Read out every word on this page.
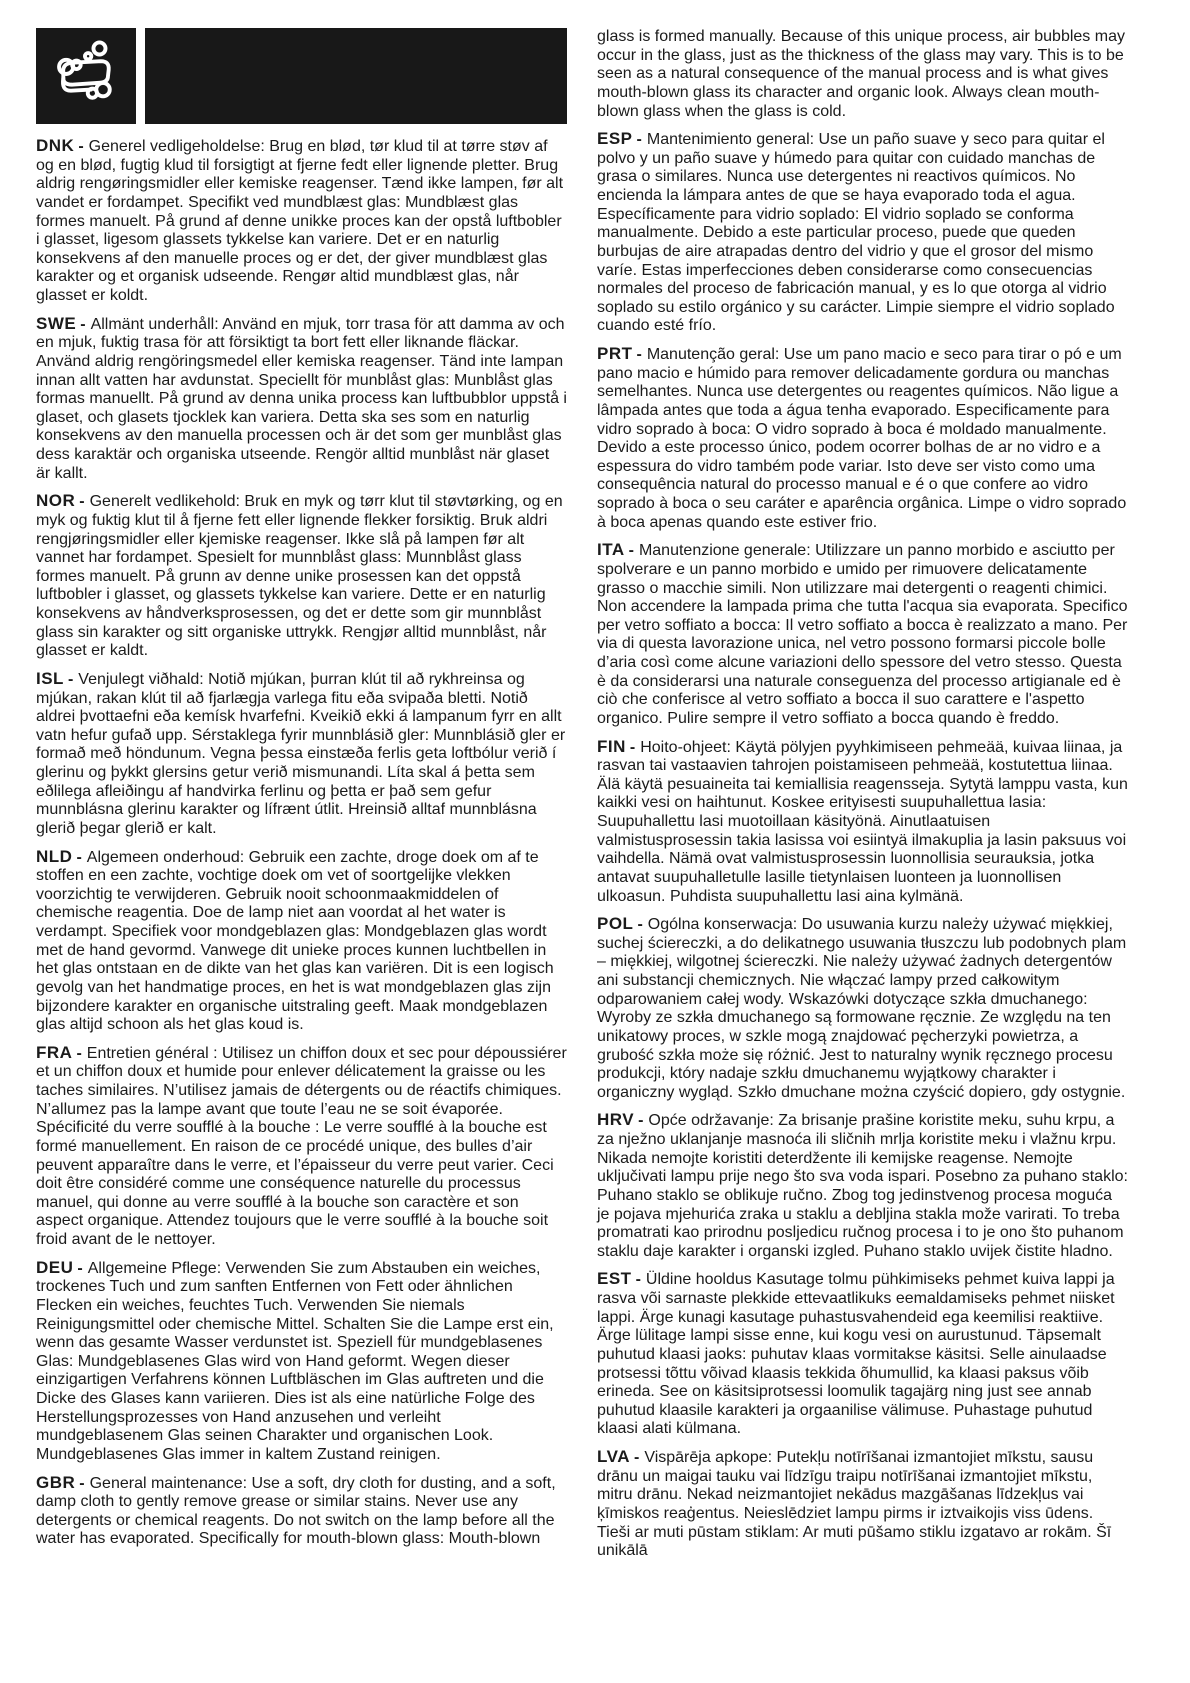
DNK - Generel vedligeholdelse: Brug en blød, tør klud til at tørre støv af og en blød, fugtig klud til forsigtigt at fjerne fedt eller lignende pletter. Brug aldrig rengøringsmidler eller kemiske reagenser. Tænd ikke lampen, før alt vandet er fordampet. Specifikt ved mundblæst glas: Mundblæst glas formes manuelt. På grund af denne unikke proces kan der opstå luftbobler i glasset, ligesom glassets tykkelse kan variere. Det er en naturlig konsekvens af den manuelle proces og er det, der giver mundblæst glas karakter og et organisk udseende. Rengør altid mundblæst glas, når glasset er koldt.

SWE - Allmänt underhåll: Använd en mjuk, torr trasa för att damma av och en mjuk, fuktig trasa för att försiktigt ta bort fett eller liknande fläckar. Använd aldrig rengöringsmedel eller kemiska reagenser. Tänd inte lampan innan allt vatten har avdunstat. Speciellt för munblåst glas: Munblåst glas formas manuellt. På grund av denna unika process kan luftbubblor uppstå i glaset, och glasets tjocklek kan variera. Detta ska ses som en naturlig konsekvens av den manuella processen och är det som ger munblåst glas dess karaktär och organiska utseende. Rengör alltid munblåst när glaset är kallt.

NOR - Generelt vedlikehold: Bruk en myk og tørr klut til støvtørking, og en myk og fuktig klut til å fjerne fett eller lignende flekker forsiktig. Bruk aldri rengjøringsmidler eller kjemiske reagenser. Ikke slå på lampen før alt vannet har fordampet. Spesielt for munnblåst glass: Munnblåst glass formes manuelt. På grunn av denne unike prosessen kan det oppstå luftbobler i glasset, og glassets tykkelse kan variere. Dette er en naturlig konsekvens av håndverksprosessen, og det er dette som gir munnblåst glass sin karakter og sitt organiske uttrykk. Rengjør alltid munnblåst, når glasset er kaldt.

ISL - Venjulegt viðhald: Notið mjúkan, þurran klút til að rykhreinsa og mjúkan, rakan klút til að fjarlægja varlega fitu eða svipaða bletti. Notið aldrei þvottaefni eða kemísk hvarfefni. Kveikið ekki á lampanum fyrr en allt vatn hefur gufað upp. Sérstaklega fyrir munnblásið gler: Munnblásið gler er formað með höndunum. Vegna þessa einstæða ferlis geta loftbólur verið í glerinu og þykkt glersins getur verið mismunandi. Líta skal á þetta sem eðlilega afleiðingu af handvirka ferlinu og þetta er það sem gefur munnblásna glerinu karakter og lífrænt útlit. Hreinsið alltaf munnblásna glerið þegar glerið er kalt.

NLD - Algemeen onderhoud: Gebruik een zachte, droge doek om af te stoffen en een zachte, vochtige doek om vet of soortgelijke vlekken voorzichtig te verwijderen. Gebruik nooit schoonmaakmiddelen of chemische reagentia. Doe de lamp niet aan voordat al het water is verdampt. Specifiek voor mondgeblazen glas: Mondgeblazen glas wordt met de hand gevormd. Vanwege dit unieke proces kunnen luchtbellen in het glas ontstaan en de dikte van het glas kan variëren. Dit is een logisch gevolg van het handmatige proces, en het is wat mondgeblazen glas zijn bijzondere karakter en organische uitstraling geeft. Maak mondgeblazen glas altijd schoon als het glas koud is.

FRA - Entretien général : Utilisez un chiffon doux et sec pour dépoussiérer et un chiffon doux et humide pour enlever délicatement la graisse ou les taches similaires. N’utilisez jamais de détergents ou de réactifs chimiques. N’allumez pas la lampe avant que toute l’eau ne se soit évaporée. Spécificité du verre soufflé à la bouche : Le verre soufflé à la bouche est formé manuellement. En raison de ce procédé unique, des bulles d’air peuvent apparaître dans le verre, et l’épaisseur du verre peut varier. Ceci doit être considéré comme une conséquence naturelle du processus manuel, qui donne au verre soufflé à la bouche son caractère et son aspect organique. Attendez toujours que le verre soufflé à la bouche soit froid avant de le nettoyer.

DEU - Allgemeine Pflege: Verwenden Sie zum Abstauben ein weiches, trockenes Tuch und zum sanften Entfernen von Fett oder ähnlichen Flecken ein weiches, feuchtes Tuch. Verwenden Sie niemals Reinigungsmittel oder chemische Mittel. Schalten Sie die Lampe erst ein, wenn das gesamte Wasser verdunstet ist. Speziell für mundgeblasenes Glas: Mundgeblasenes Glas wird von Hand geformt. Wegen dieser einzigartigen Verfahrens können Luftbläschen im Glas auftreten und die Dicke des Glases kann variieren. Dies ist als eine natürliche Folge des Herstellungsprozesses von Hand anzusehen und verleiht mundgeblasenem Glas seinen Charakter und organischen Look. Mundgeblasenes Glas immer in kaltem Zustand reinigen.

GBR - General maintenance: Use a soft, dry cloth for dusting, and a soft, damp cloth to gently remove grease or similar stains. Never use any detergents or chemical reagents. Do not switch on the lamp before all the water has evaporated. Specifically for mouth-blown glass: Mouth-blown

glass is formed manually. Because of this unique process, air bubbles may occur in the glass, just as the thickness of the glass may vary. This is to be seen as a natural consequence of the manual process and is what gives mouth-blown glass its character and organic look. Always clean mouth-blown glass when the glass is cold.

ESP - Mantenimiento general: Use un paño suave y seco para quitar el polvo y un paño suave y húmedo para quitar con cuidado manchas de grasa o similares. Nunca use detergentes ni reactivos químicos. No encienda la lámpara antes de que se haya evaporado toda el agua. Específicamente para vidrio soplado: El vidrio soplado se conforma manualmente. Debido a este particular proceso, puede que queden burbujas de aire atrapadas dentro del vidrio y que el grosor del mismo varíe. Estas imperfecciones deben considerarse como consecuencias normales del proceso de fabricación manual, y es lo que otorga al vidrio soplado su estilo orgánico y su carácter. Limpie siempre el vidrio soplado cuando esté frío.

PRT - Manutenção geral: Use um pano macio e seco para tirar o pó e um pano macio e húmido para remover delicadamente gordura ou manchas semelhantes. Nunca use detergentes ou reagentes químicos. Não ligue a lâmpada antes que toda a água tenha evaporado. Especificamente para vidro soprado à boca: O vidro soprado à boca é moldado manualmente. Devido a este processo único, podem ocorrer bolhas de ar no vidro e a espessura do vidro também pode variar. Isto deve ser visto como uma consequência natural do processo manual e é o que confere ao vidro soprado à boca o seu caráter e aparência orgânica. Limpe o vidro soprado à boca apenas quando este estiver frio.

ITA - Manutenzione generale: Utilizzare un panno morbido e asciutto per spolverare e un panno morbido e umido per rimuovere delicatamente grasso o macchie simili. Non utilizzare mai detergenti o reagenti chimici. Non accendere la lampada prima che tutta l'acqua sia evaporata. Specifico per vetro soffiato a bocca: Il vetro soffiato a bocca è realizzato a mano. Per via di questa lavorazione unica, nel vetro possono formarsi piccole bolle d’aria così come alcune variazioni dello spessore del vetro stesso. Questa è da considerarsi una naturale conseguenza del processo artigianale ed è ciò che conferisce al vetro soffiato a bocca il suo carattere e l'aspetto organico. Pulire sempre il vetro soffiato a bocca quando è freddo.

FIN - Hoito-ohjeet: Käytä pölyjen pyyhkimiseen pehmeää, kuivaa liinaa, ja rasvan tai vastaavien tahrojen poistamiseen pehmeää, kostutettua liinaa. Älä käytä pesuaineita tai kemiallisia reagensseja. Sytytä lamppu vasta, kun kaikki vesi on haihtunut. Koskee erityisesti suupuhallettua lasia: Suupuhallettu lasi muotoillaan käsityönä. Ainutlaatuisen valmistusprosessin takia lasissa voi esiintyä ilmakuplia ja lasin paksuus voi vaihdella. Nämä ovat valmistusprosessin luonnollisia seurauksia, jotka antavat suupuhalletulle lasille tietynlaisen luonteen ja luonnollisen ulkoasun. Puhdista suupuhallettu lasi aina kylmänä.

POL - Ogólna konserwacja: Do usuwania kurzu należy używać miękkiej, suchej ściereczki, a do delikatnego usuwania tłuszczu lub podobnych plam – miękkiej, wilgotnej ściereczki. Nie należy używać żadnych detergentów ani substancji chemicznych. Nie włączać lampy przed całkowitym odparowaniem całej wody. Wskazówki dotyczące szkła dmuchanego: Wyroby ze szkła dmuchanego są formowane ręcznie. Ze względu na ten unikatowy proces, w szkle mogą znajdować pęcherzyki powietrza, a grubość szkła może się różnić. Jest to naturalny wynik ręcznego procesu produkcji, który nadaje szkłu dmuchanemu wyjątkowy charakter i organiczny wygląd. Szkło dmuchane można czyścić dopiero, gdy ostygnie.

HRV - Opće održavanje: Za brisanje prašine koristite meku, suhu krpu, a za nježno uklanjanje masnoća ili sličnih mrlja koristite meku i vlažnu krpu. Nikada nemojte koristiti deterdžente ili kemijske reagense. Nemojte uključivati lampu prije nego što sva voda ispari. Posebno za puhano staklo: Puhano staklo se oblikuje ručno. Zbog tog jedinstvenog procesa moguća je pojava mjehurića zraka u staklu a debljina stakla može varirati. To treba promatrati kao prirodnu posljedicu ručnog procesa i to je ono što puhanom staklu daje karakter i organski izgled. Puhano staklo uvijek čistite hladno.

EST - Üldine hooldus Kasutage tolmu pühkimiseks pehmet kuiva lappi ja rasva või sarnaste plekkide ettevaatlikuks eemaldamiseks pehmet niisket lappi. Ärge kunagi kasutage puhastusvahendeid ega keemilisi reaktiive. Ärge lülitage lampi sisse enne, kui kogu vesi on aurustunud. Täpsemalt puhutud klaasi jaoks: puhutav klaas vormitakse käsitsi. Selle ainulaadse protsessi tõttu võivad klaasis tekkida õhumullid, ka klaasi paksus võib erineda. See on käsitsiprotsessi loomulik tagajärg ning just see annab puhutud klaasile karakteri ja orgaanilise välimuse. Puhastage puhutud klaasi alati külmana.

LVA - Vispārēja apkope: Putekļu notīrīšanai izmantojiet mīkstu, sausu drānu un maigai tauku vai līdzīgu traipu notīrīšanai izmantojiet mīkstu, mitru drānu. Nekad neizmantojiet nekādus mazgāšanas līdzekļus vai ķīmiskos reaģentus. Neieslēdziet lampu pirms ir iztvaikojis viss ūdens. Tieši ar muti pūstam stiklam: Ar muti pūšamo stiklu izgatavo ar rokām. Šī unikālā
